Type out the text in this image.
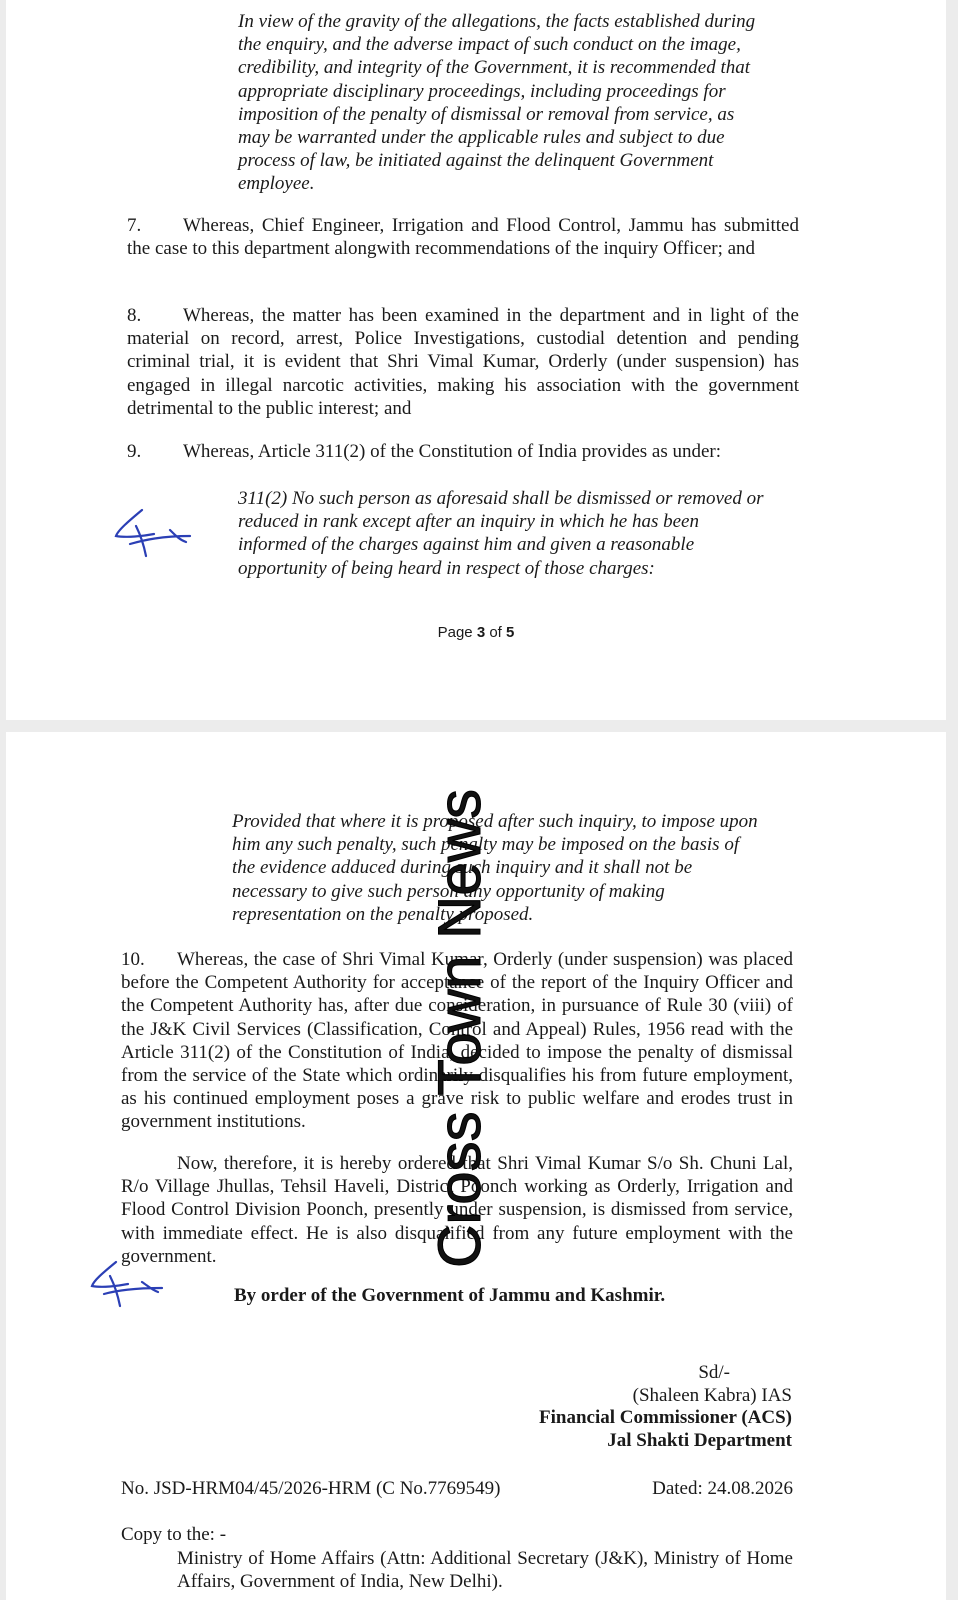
In view of the gravity of the allegations, the facts established during
the enquiry, and the adverse impact of such conduct on the image,
credibility, and integrity of the Government, it is recommended that
appropriate disciplinary proceedings, including proceedings for
imposition of the penalty of dismissal or removal from service, as
may be warranted under the applicable rules and subject to due
process of law, be initiated against the delinquent Government
employee.
7. Whereas, Chief Engineer, Irrigation and Flood Control, Jammu has submitted the case to this department alongwith recommendations of the inquiry Officer; and
8. Whereas, the matter has been examined in the department and in light of the material on record, arrest, Police Investigations, custodial detention and pending criminal trial, it is evident that Shri Vimal Kumar, Orderly (under suspension) has engaged in illegal narcotic activities, making his association with the government detrimental to the public interest; and
9. Whereas, Article 311(2) of the Constitution of India provides as under:
311(2) No such person as aforesaid shall be dismissed or removed or
reduced in rank except after an inquiry in which he has been
informed of the charges against him and given a reasonable
opportunity of being heard in respect of those charges:
Page 3 of 5
Provided that where it is proposed after such inquiry, to impose upon
him any such penalty, such penalty may be imposed on the basis of
the evidence adduced during such inquiry and it shall not be
necessary to give such person any opportunity of making
representation on the penalty proposed.
10. Whereas, the case of Shri Vimal Kumar, Orderly (under suspension) was placed before the Competent Authority for acceptance of the report of the Inquiry Officer and the Competent Authority has, after due consideration, in pursuance of Rule 30 (viii) of the J&K Civil Services (Classification, Control and Appeal) Rules, 1956 read with the Article 311(2) of the Constitution of India, decided to impose the penalty of dismissal from the service of the State which ordinarily disqualifies his from future employment, as his continued employment poses a grave risk to public welfare and erodes trust in government institutions.
Now, therefore, it is hereby ordered that Shri Vimal Kumar S/o Sh. Chuni Lal, R/o Village Jhullas, Tehsil Haveli, District Poonch working as Orderly, Irrigation and Flood Control Division Poonch, presently under suspension, is dismissed from service, with immediate effect. He is also disqualified from any future employment with the government.
By order of the Government of Jammu and Kashmir.
Sd/-
(Shaleen Kabra) IAS
Financial Commissioner (ACS)
Jal Shakti Department
No. JSD-HRM04/45/2026-HRM (C No.7769549)	Dated: 24.08.2026
Copy to the: -
Ministry of Home Affairs (Attn: Additional Secretary (J&K), Ministry of Home Affairs, Government of India, New Delhi).
Cross Town News
